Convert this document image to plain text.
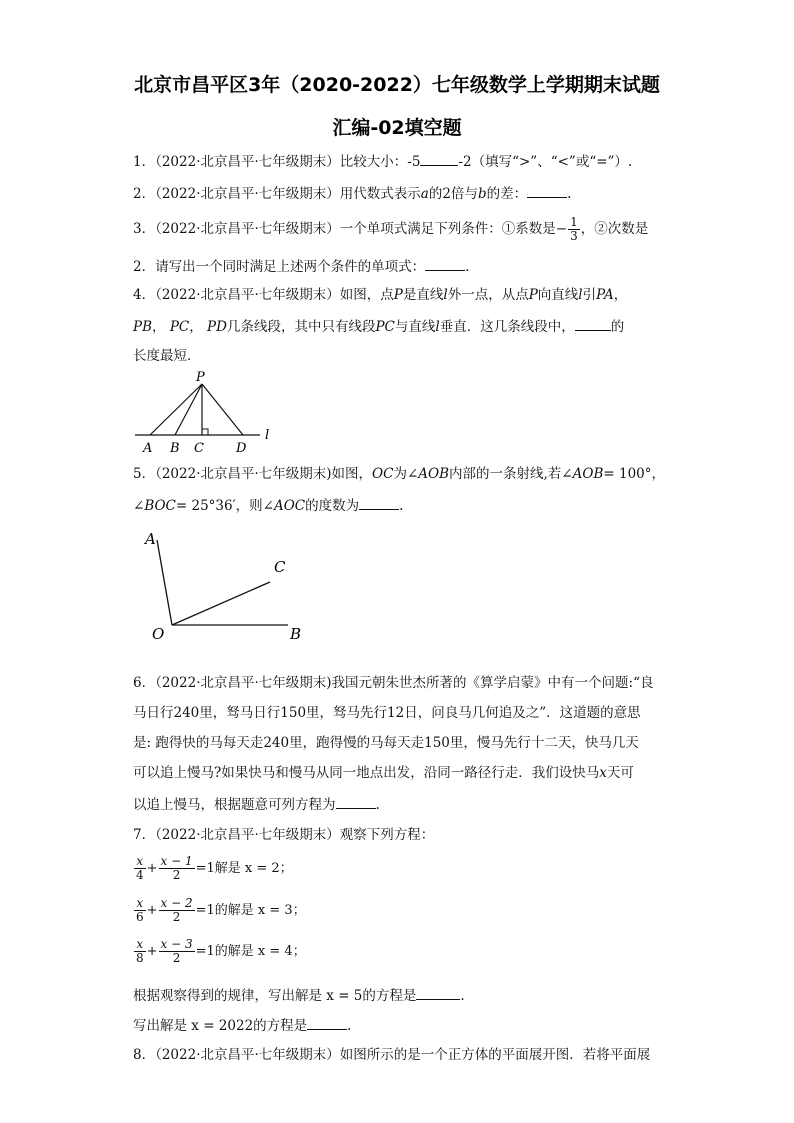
北京市昌平区3年（2020-2022）七年级数学上学期期末试题
汇编-02填空题
1．（2022·北京昌平·七年级期末）比较大小：-5	-2（填写“>”、“<”或“=”）.
2．（2022·北京昌平·七年级期末）用代数式表示a的2倍与b的差：	.
3．（2022·北京昌平·七年级期末）一个单项式满足下列条件：①系数是− $\frac{1}{3}$ ，②次数是
2．请写出一个同时满足上述两个条件的单项式：	.
4．（2022·北京昌平·七年级期末）如图，点P是直线l外一点，从点P向直线l引PA，
PB， PC， PD几条线段，其中只有线段PC与直线l垂直．这几条线段中，	的
长度最短．
P
A B C D
l
5．（2022·北京昌平·七年级期末)如图，OC为∠AOB内部的一条射线,若∠AOB= 100°，
∠BOC= 25°36′，则∠AOC的度数为	.
A
C
O	B
6．（2022·北京昌平·七年级期末)我国元朝朱世杰所著的《算学启蒙》中有一个问题:“良
马日行240里，驽马日行150里，驽马先行12日，问良马几何追及之”．这道题的意思
是: 跑得快的马每天走240里，跑得慢的马每天走150里，慢马先行十二天，快马几天
可以追上慢马?如果快马和慢马从同一地点出发，沿同一路径行走．我们设快马x天可
以追上慢马，根据题意可列方程为	.
7．（2022·北京昌平·七年级期末）观察下列方程：
$\frac{x}{4} + \frac{x - 1}{2} =1$解是 x = 2；
$\frac{x}{6} + \frac{x - 2}{2} =1$的解是 x = 3；
$\frac{x}{8} + \frac{x - 3}{2} =1$的解是 x = 4；
根据观察得到的规律，写出解是 x = 5的方程是	.
写出解是 x = 2022的方程是	.
8．（2022·北京昌平·七年级期末）如图所示的是一个正方体的平面展开图．若将平面展
